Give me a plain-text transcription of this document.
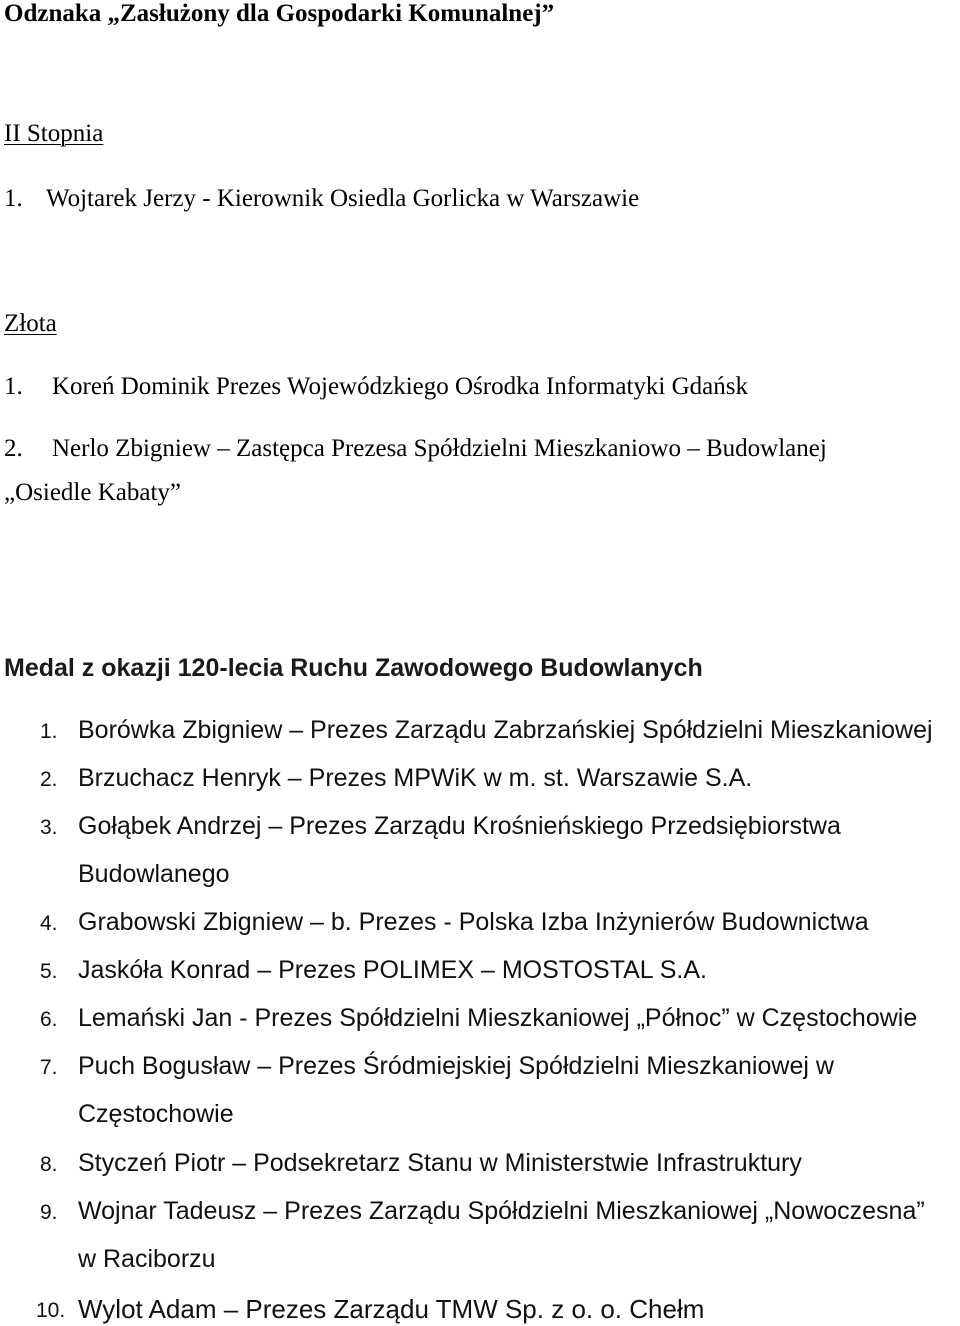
Odznaka „Zasłużony dla Gospodarki Komunalnej”
II Stopnia
1. Wojtarek Jerzy - Kierownik Osiedla Gorlicka w Warszawie
Złota
1. Koreń Dominik Prezes Wojewódzkiego Ośrodka Informatyki Gdańsk
2. Nerlo Zbigniew – Zastępca Prezesa Spółdzielni Mieszkaniowo – Budowlanej
„Osiedle Kabaty”
Medal z okazji 120-lecia Ruchu Zawodowego Budowlanych
1. Borówka Zbigniew – Prezes Zarządu Zabrzańskiej Spółdzielni Mieszkaniowej
2. Brzuchacz Henryk – Prezes MPWiK w m. st. Warszawie S.A.
3. Gołąbek Andrzej – Prezes Zarządu Krośnieńskiego Przedsiębiorstwa
Budowlanego
4. Grabowski Zbigniew – b. Prezes - Polska Izba Inżynierów Budownictwa
5. Jaskóła Konrad – Prezes POLIMEX – MOSTOSTAL S.A.
6. Lemański Jan - Prezes Spółdzielni Mieszkaniowej „Północ” w Częstochowie
7. Puch Bogusław – Prezes Śródmiejskiej Spółdzielni Mieszkaniowej w
Częstochowie
8. Styczeń Piotr – Podsekretarz Stanu w Ministerstwie Infrastruktury
9. Wojnar Tadeusz – Prezes Zarządu Spółdzielni Mieszkaniowej „Nowoczesna”
w Raciborzu
10. Wylot Adam – Prezes Zarządu TMW Sp. z o. o. Chełm
